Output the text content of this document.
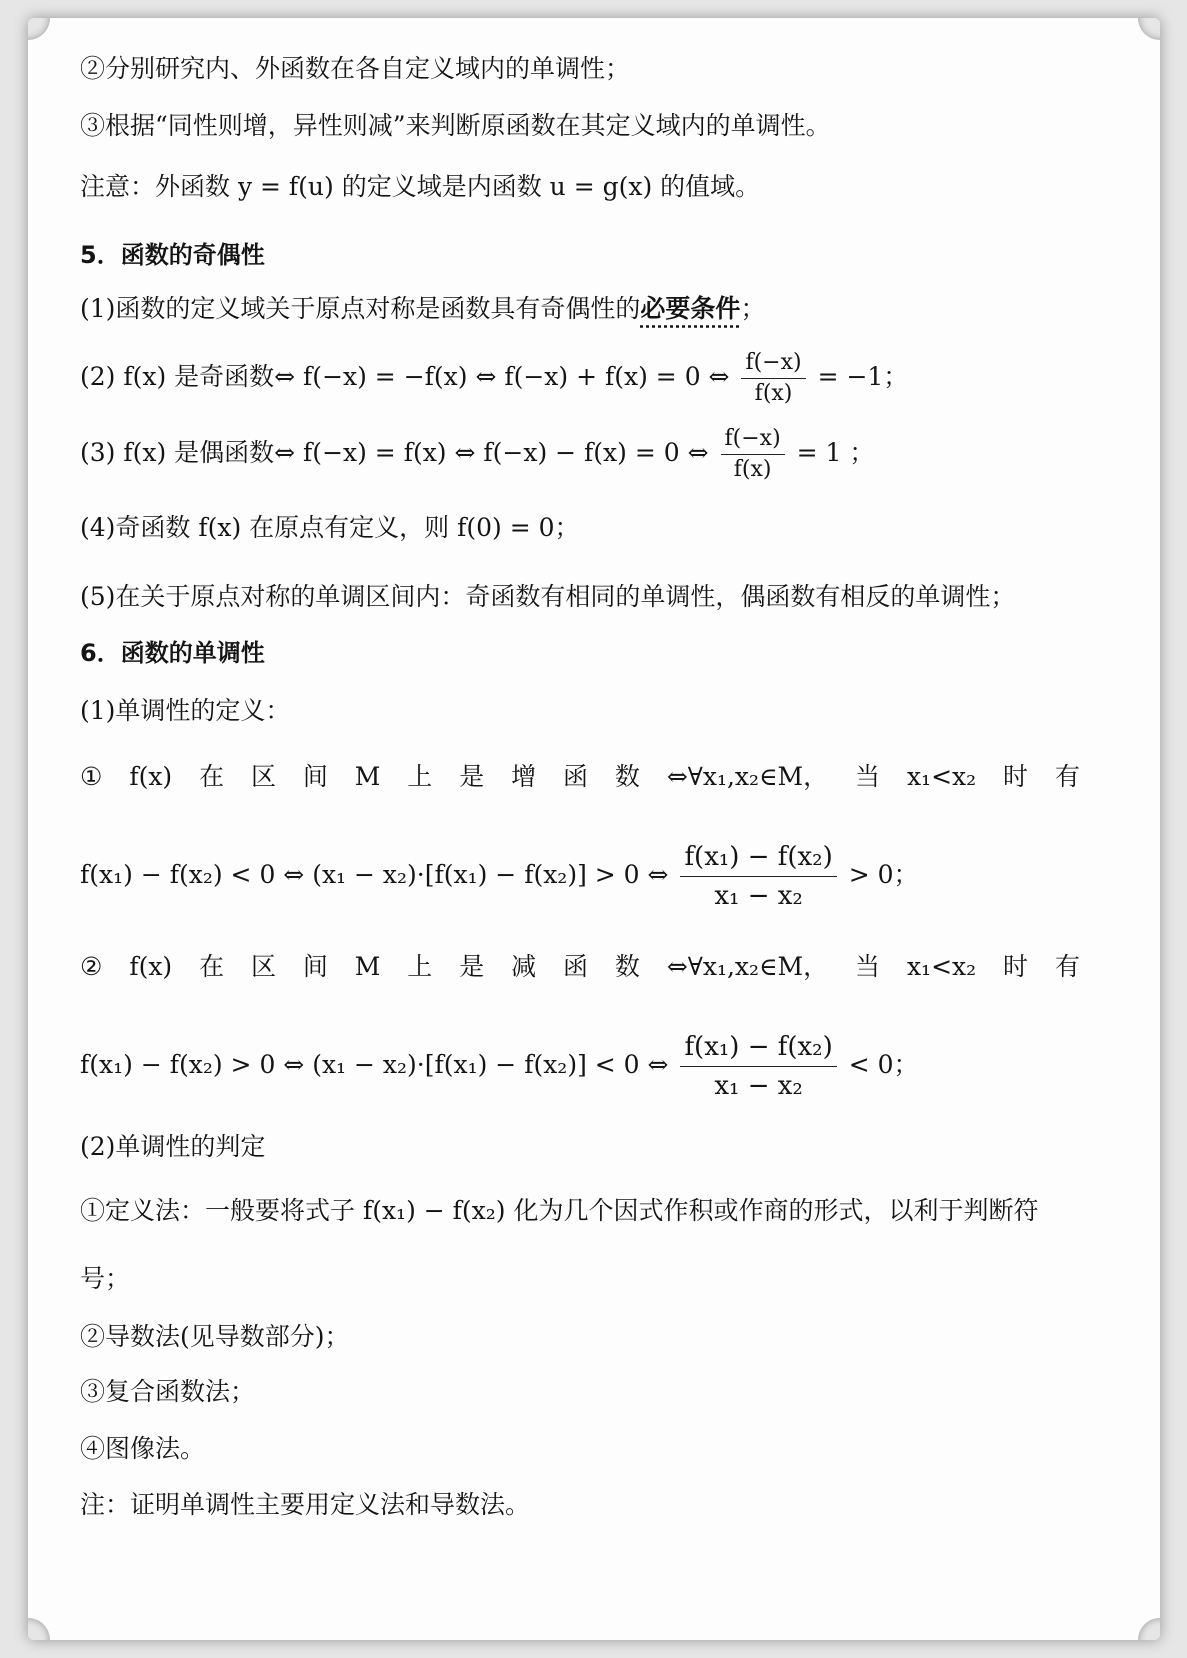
②分别研究内、外函数在各自定义域内的单调性；
③根据“同性则增，异性则减”来判断原函数在其定义域内的单调性。
注意：外函数 y = f(u) 的定义域是内函数 u = g(x) 的值域。
5．函数的奇偶性
(1)函数的定义域关于原点对称是函数具有奇偶性的必要条件；
(2) f(x) 是奇函数⇔ f(−x) = −f(x) ⇔ f(−x) + f(x) = 0 ⇔ $\frac{f(-x)}{f(x)} = -1$；
(3) f(x) 是偶函数⇔ f(−x) = f(x) ⇔ f(−x) − f(x) = 0 ⇔ $\frac{f(-x)}{f(x)} = 1$ ；
(4)奇函数 f(x) 在原点有定义，则 f(0) = 0；
(5)在关于原点对称的单调区间内：奇函数有相同的单调性，偶函数有相反的单调性；
6．函数的单调性
(1)单调性的定义：
① f(x) 在 区 间 M 上 是 增 函 数 ⇔∀x₁,x₂∈M， 当 x₁<x₂ 时 有
f(x₁) − f(x₂) < 0 ⇔ (x₁ − x₂)·[f(x₁) − f(x₂)] > 0 ⇔ $\frac{\text{f(x₁) − f(x₂)}}{\text{x₁ − x₂}} > 0$；
② f(x) 在 区 间 M 上 是 减 函 数 ⇔∀x₁,x₂∈M， 当 x₁<x₂ 时 有
f(x₁) − f(x₂) > 0 ⇔ (x₁ − x₂)·[f(x₁) − f(x₂)] < 0 ⇔ $\frac{\text{f(x₁) − f(x₂)}}{\text{x₁ − x₂}} < 0$；
(2)单调性的判定
①定义法：一般要将式子 f(x₁) − f(x₂) 化为几个因式作积或作商的形式，以利于判断符
号；
②导数法(见导数部分)；
③复合函数法；
④图像法。
注：证明单调性主要用定义法和导数法。
